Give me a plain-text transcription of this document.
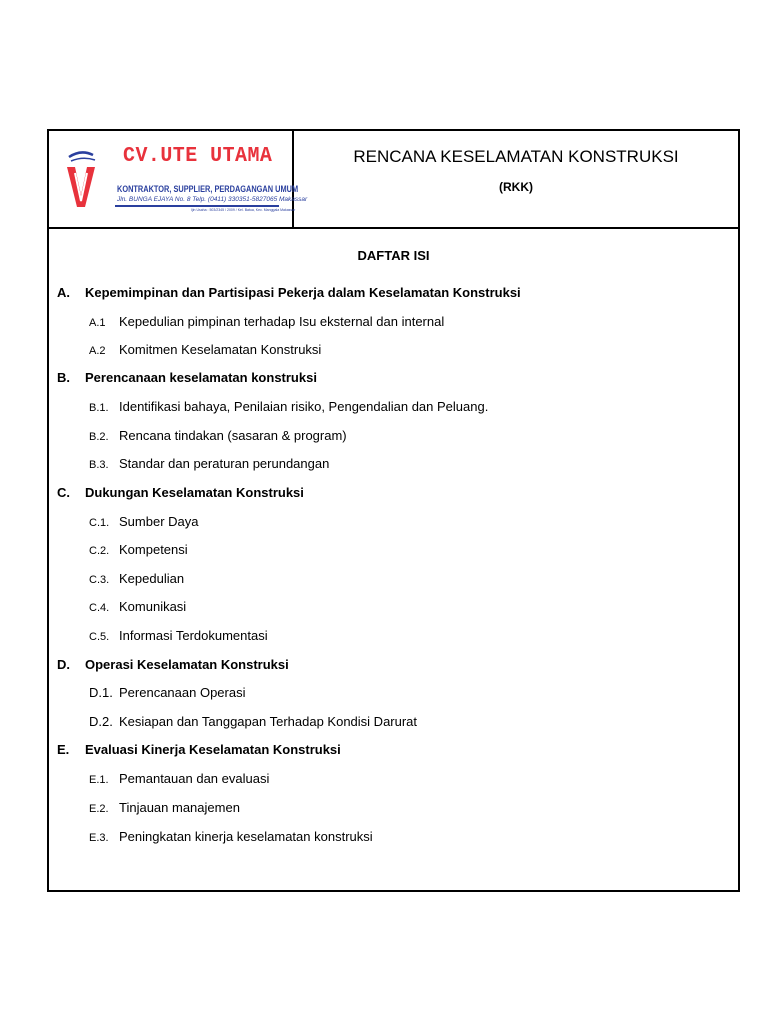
CV.UTE UTAMA
KONTRAKTOR, SUPPLIER, PERDAGANGAN UMUM
Jln. BUNGA EJAYA No. 8 Telp. (0411) 330351-5827065 Makassar
Ijin Usaha : 503/2345 / 2009 / Kel. Batua, Kec. Manggala Makassar
RENCANA KESELAMATAN KONSTRUKSI
(RKK)
DAFTAR ISI
A. Kepemimpinan dan Partisipasi Pekerja dalam Keselamatan Konstruksi
A.1 Kepedulian pimpinan terhadap Isu eksternal dan internal
A.2 Komitmen Keselamatan Konstruksi
B. Perencanaan keselamatan konstruksi
B.1. Identifikasi bahaya, Penilaian risiko, Pengendalian dan Peluang.
B.2. Rencana tindakan (sasaran & program)
B.3. Standar dan peraturan perundangan
C. Dukungan Keselamatan Konstruksi
C.1. Sumber Daya
C.2. Kompetensi
C.3. Kepedulian
C.4. Komunikasi
C.5. Informasi Terdokumentasi
D. Operasi Keselamatan Konstruksi
D.1. Perencanaan Operasi
D.2. Kesiapan dan Tanggapan Terhadap Kondisi Darurat
E. Evaluasi Kinerja Keselamatan Konstruksi
E.1. Pemantauan dan evaluasi
E.2. Tinjauan manajemen
E.3. Peningkatan kinerja keselamatan konstruksi
